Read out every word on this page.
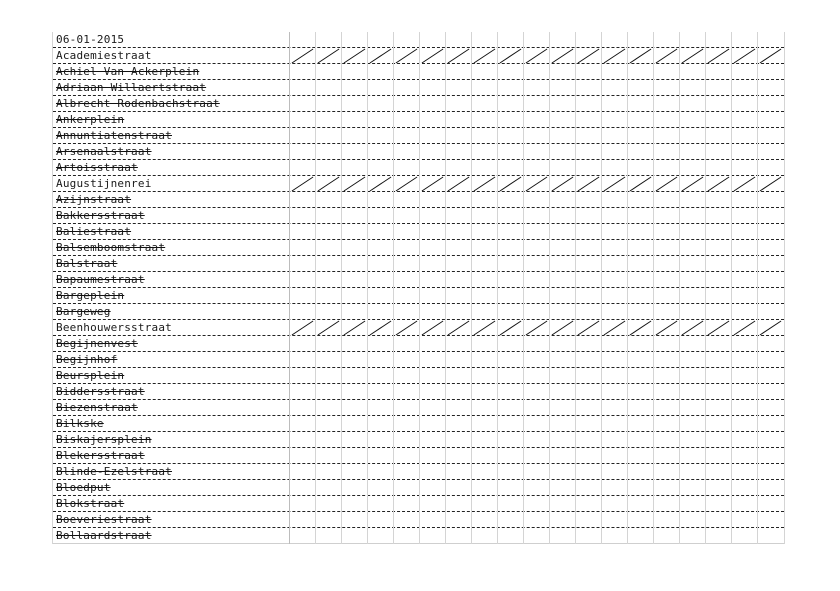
06-01-2015
Academiestraat
Achiel Van Ackerplein
Adriaan Willaertstraat
Albrecht Rodenbachstraat
Ankerplein
Annuntiatenstraat
Arsenaalstraat
Artoisstraat
Augustijnenrei
Azijnstraat
Bakkersstraat
Baliestraat
Balsemboomstraat
Balstraat
Bapaumestraat
Bargeplein
Bargeweg
Beenhouwersstraat
Begijnenvest
Begijnhof
Beursplein
Biddersstraat
Biezenstraat
Bilkske
Biskajersplein
Blekersstraat
Blinde-Ezelstraat
Bloedput
Blokstraat
Boeveriestraat
Bollaardstraat
